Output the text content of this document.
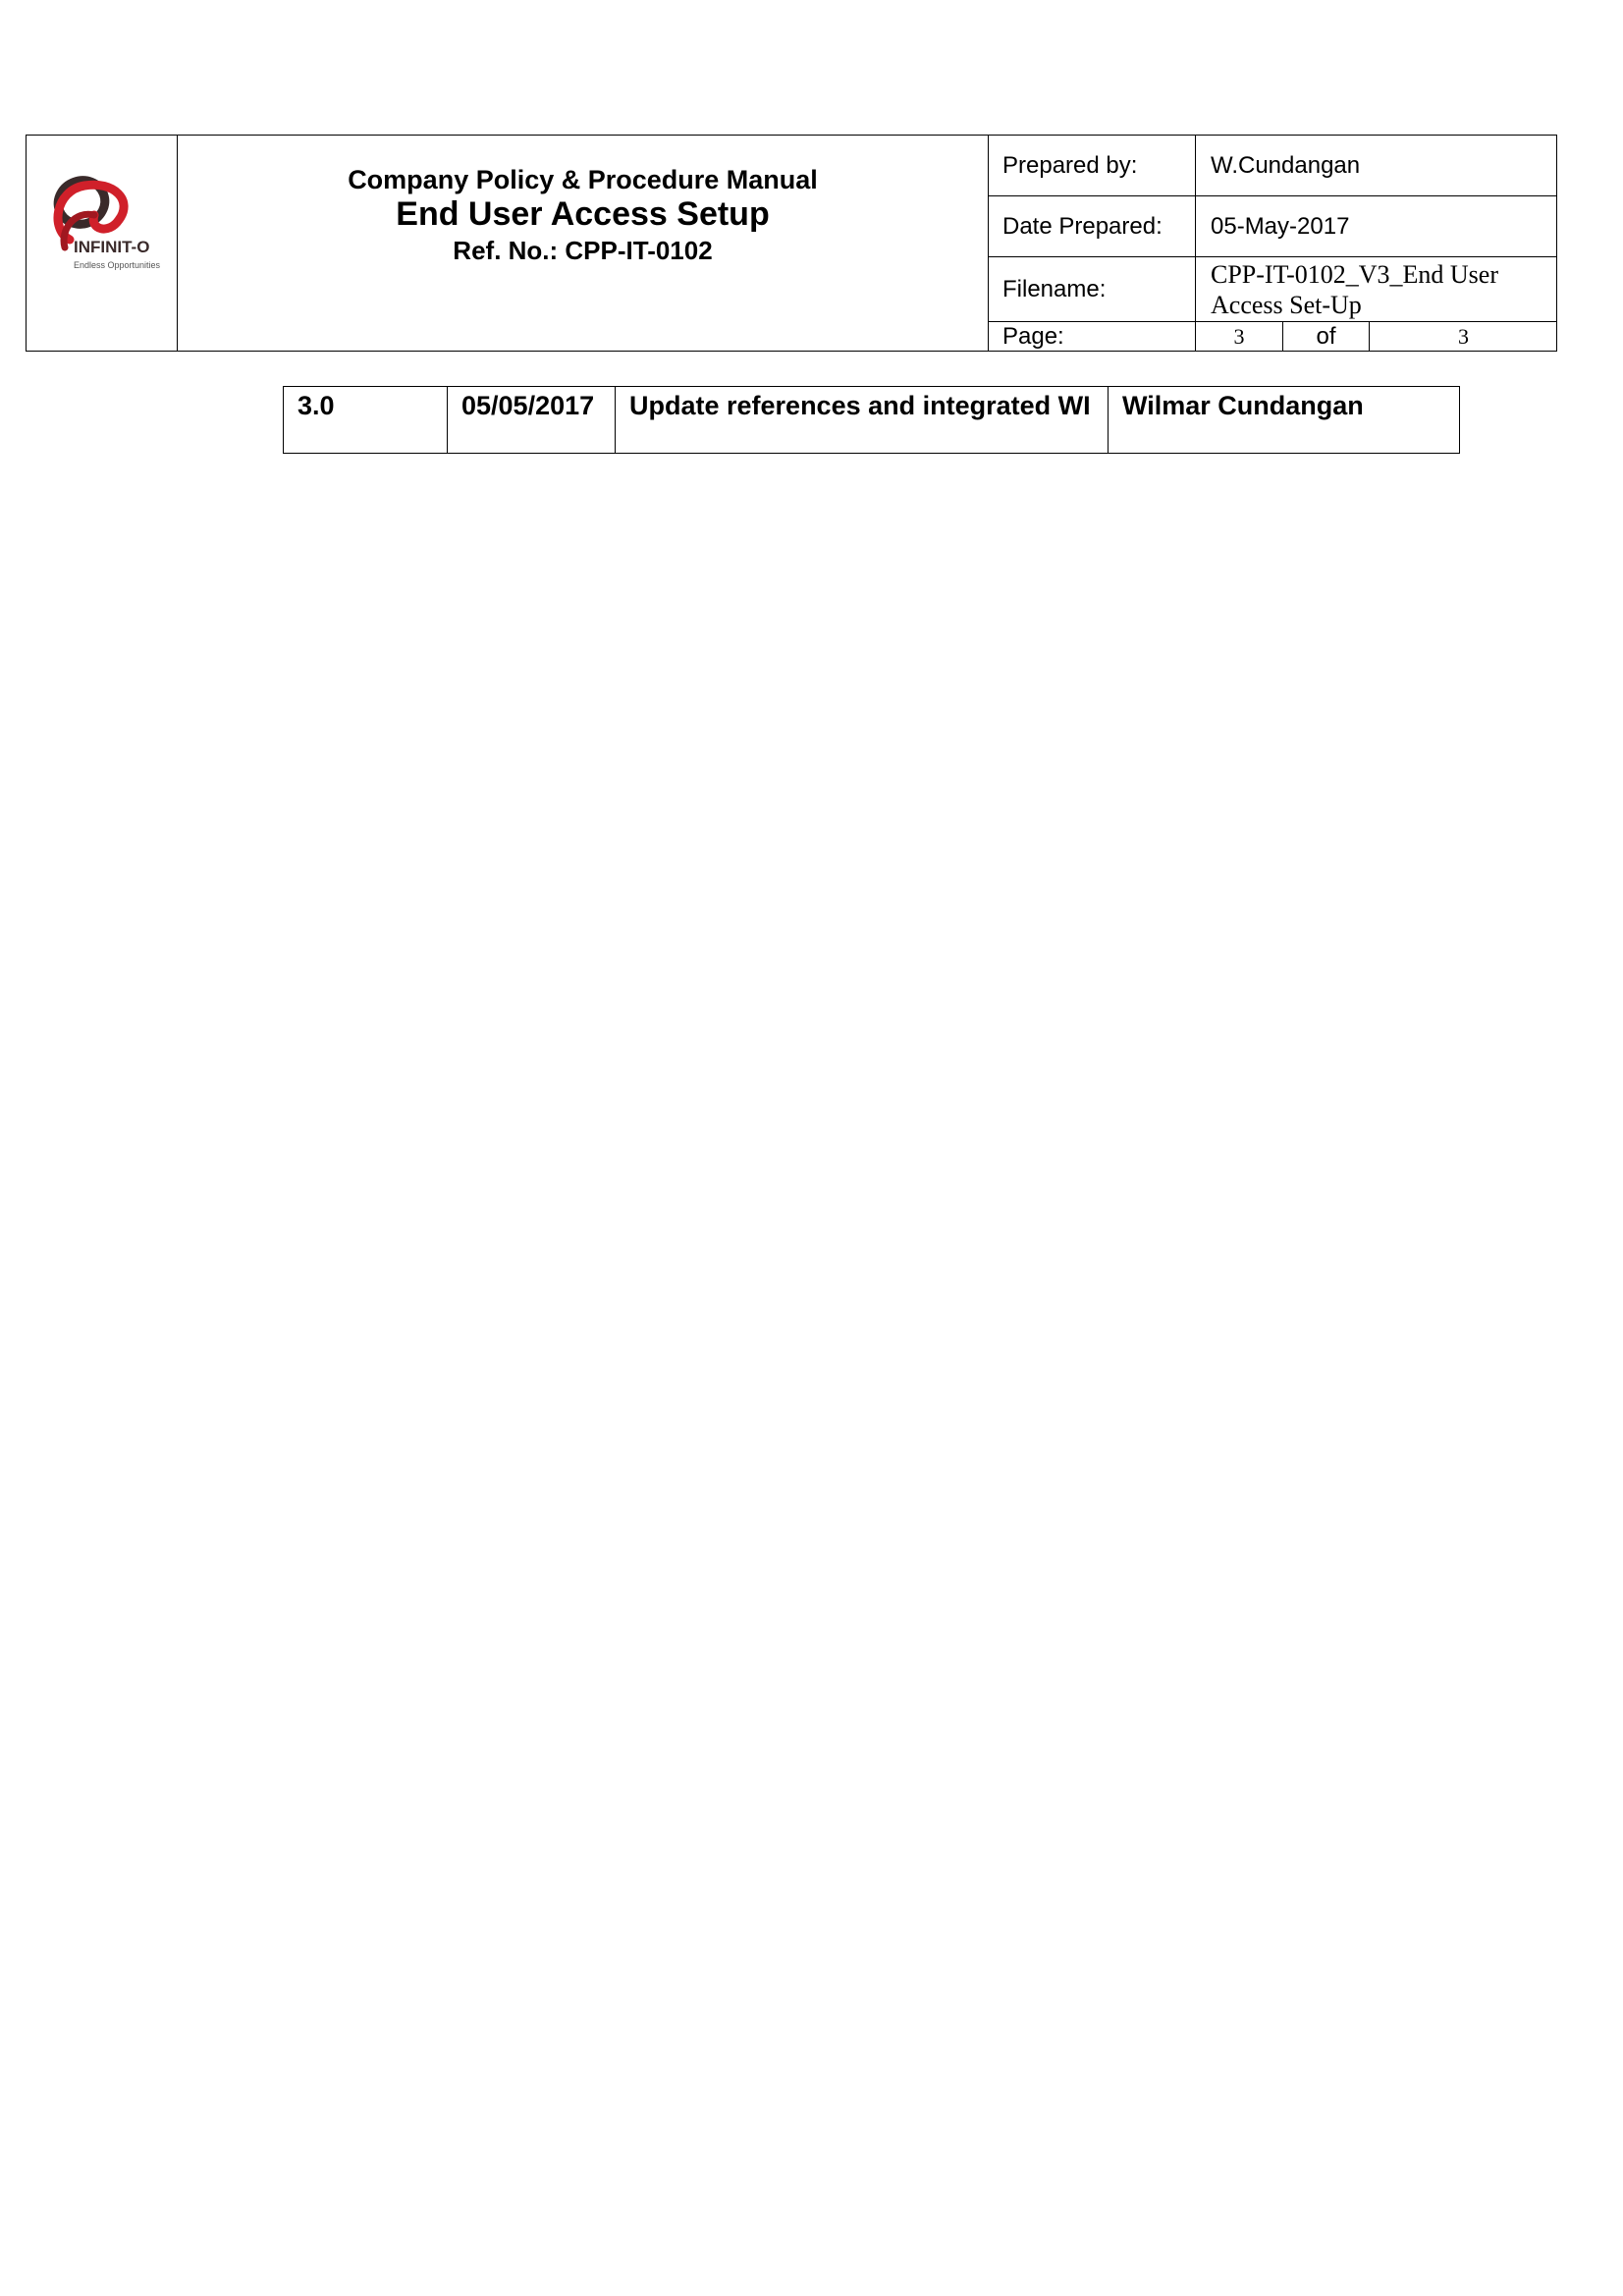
INFINIT-O
Endless Opportunities
Company Policy & Procedure Manual
End User Access Setup
Ref. No.: CPP-IT-0102
Prepared by:	W.Cundangan
Date Prepared:	05-May-2017
Filename:	CPP-IT-0102_V3_End User Access Set-Up
Page:	3	of	3
3.0	05/05/2017	Update references and integrated WI	Wilmar Cundangan
